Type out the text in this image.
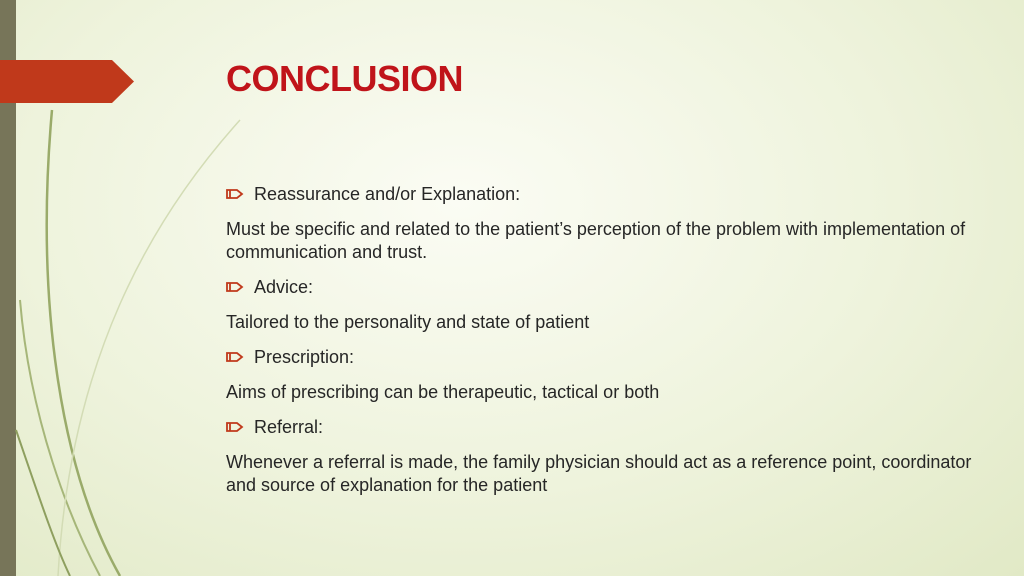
CONCLUSION
Reassurance and/or Explanation:

Must be specific and related to the patient’s perception of the problem with implementation of communication and trust.

Advice:

Tailored to the personality and state of patient

Prescription:

Aims of prescribing can be therapeutic, tactical or both

Referral:

Whenever a referral is made, the family physician should act as a reference point, coordinator and source of explanation for the patient
